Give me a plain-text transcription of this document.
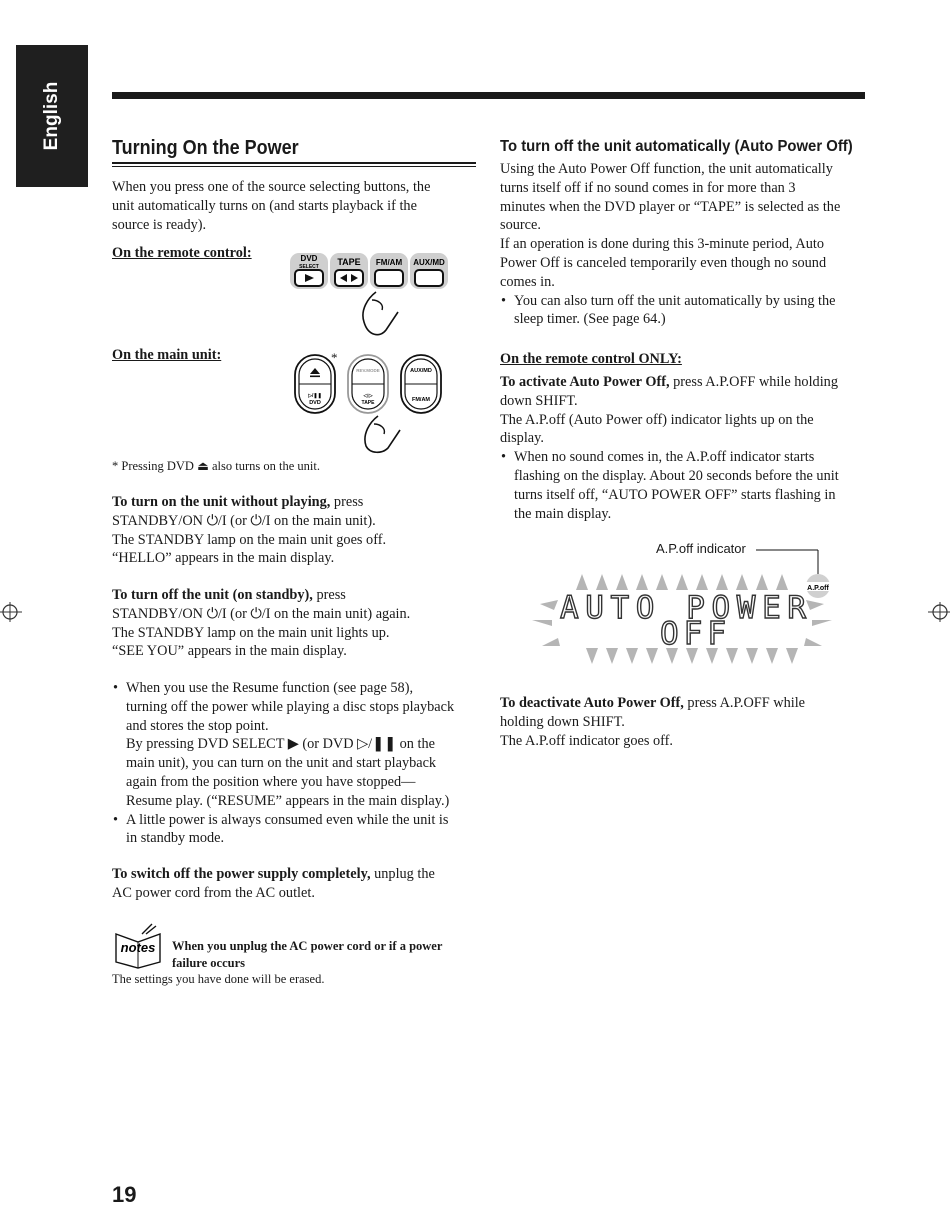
English	Turning On the Power
When you press one of the source selecting buttons, the
unit automatically turns on (and starts playback if the
source is ready).
On the remote control:	DVD
SELECT TAPE FM/AM AUX/MD
On the main unit:
▷/❚❚
DVD
REV.MODE
◁ ▷
TAPE
AUX/MD
FM/AM
*
* Pressing DVD ⏏ also turns on the unit.
To turn on the unit without playing, press
STANDBY/ON ⏻/I (or ⏻/I on the main unit).
The STANDBY lamp on the main unit goes off.
“HELLO” appears in the main display.
To turn off the unit (on standby), press
STANDBY/ON ⏻/I (or ⏻/I on the main unit) again.
The STANDBY lamp on the main unit lights up.
“SEE YOU” appears in the main display.
• When you use the Resume function (see page 58),
turning off the power while playing a disc stops playback
and stores the stop point.
By pressing DVD SELECT ▶ (or DVD ▷/❚❚ on the
main unit), you can turn on the unit and start playback
again from the position where you have stopped—
Resume play. (“RESUME” appears in the main display.)
• A little power is always consumed even while the unit is
in standby mode.
To switch off the power supply completely, unplug the
AC power cord from the AC outlet.
notes When you unplug the AC power cord or if a power
failure occurs
The settings you have done will be erased.
To turn off the unit automatically (Auto Power Off)
Using the Auto Power Off function, the unit automatically
turns itself off if no sound comes in for more than 3
minutes when the DVD player or “TAPE” is selected as the
source.
If an operation is done during this 3-minute period, Auto
Power Off is canceled temporarily even though no sound
comes in.
• You can also turn off the unit automatically by using the
sleep timer. (See page 64.)
On the remote control ONLY:
To activate Auto Power Off, press A.P.OFF while holding
down SHIFT.
The A.P.off (Auto Power off) indicator lights up on the
display.
• When no sound comes in, the A.P.off indicator starts
flashing on the display. About 20 seconds before the unit
turns itself off, “AUTO POWER OFF” starts flashing in
the main display.
A.P.off indicator
A.P.off
AUTO POWER
OFF
To deactivate Auto Power Off, press A.P.OFF while
holding down SHIFT.
The A.P.off indicator goes off.
19
